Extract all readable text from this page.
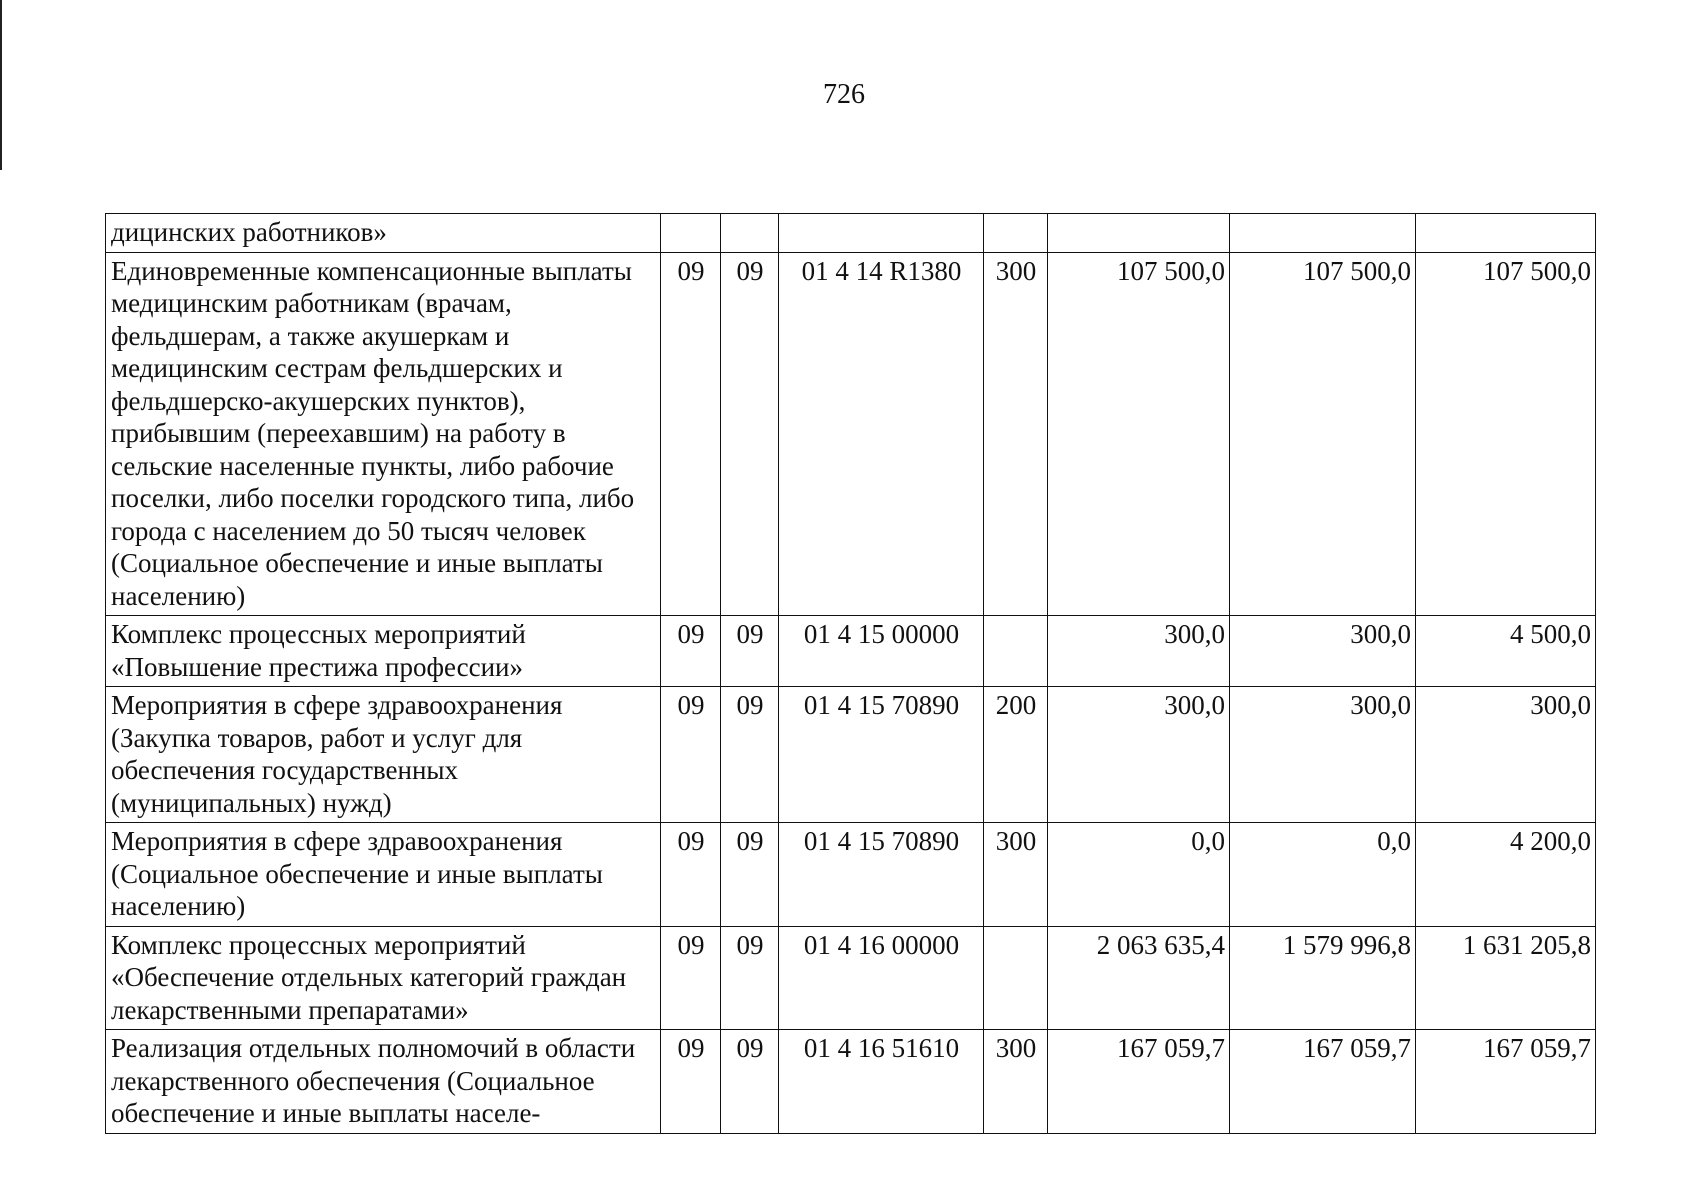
726
дицинских работников»							
Единовременные компенсационные выплаты медицинским работникам (врачам, фельдшерам, а также акушеркам и медицинским сестрам фельдшерских и фельдшерско-акушерских пунктов), прибывшим (переехавшим) на работу в сельские населенные пункты, либо рабочие поселки, либо поселки городского типа, либо города с населением до 50 тысяч человек (Социальное обеспечение и иные выплаты населению)	09	09	01 4 14 R1380	300	107 500,0	107 500,0	107 500,0
Комплекс процессных мероприятий «Повышение престижа профессии»	09	09	01 4 15 00000		300,0	300,0	4 500,0
Мероприятия в сфере здравоохранения (Закупка товаров, работ и услуг для обеспечения государственных (муниципальных) нужд)	09	09	01 4 15 70890	200	300,0	300,0	300,0
Мероприятия в сфере здравоохранения (Социальное обеспечение и иные выплаты населению)	09	09	01 4 15 70890	300	0,0	0,0	4 200,0
Комплекс процессных мероприятий «Обеспечение отдельных категорий граждан лекарственными препаратами»	09	09	01 4 16 00000		2 063 635,4	1 579 996,8	1 631 205,8
Реализация отдельных полномочий в области лекарственного обеспечения (Социальное обеспечение и иные выплаты населе-	09	09	01 4 16 51610	300	167 059,7	167 059,7	167 059,7
